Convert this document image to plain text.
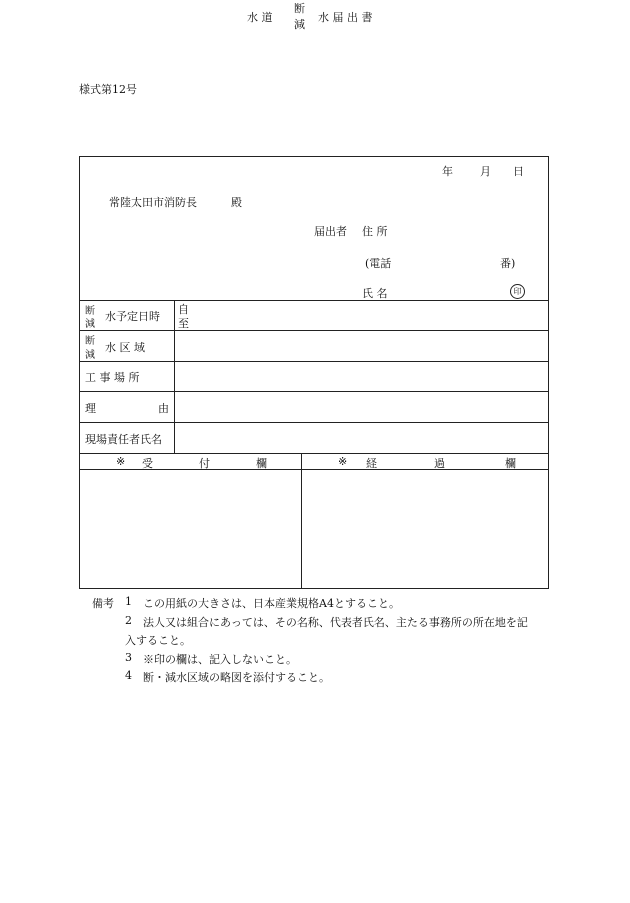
様式第12号
水 道
断
減
水 届 出 書
年 月 日
常陸太田市消防長	殿
届出者 住 所
(電話	番)
氏 名	印
断
減
水予定日時
自
至
断
減
水 区 域
工 事 場 所
理	由
現場責任者氏名
※ 受	付	欄	※ 経	過	欄
備考 1 この用紙の大きさは、日本産業規格A4とすること。
2 法人又は組合にあっては、その名称、代表者氏名、主たる事務所の所在地を記
入すること。
3 ※印の欄は、記入しないこと。
4 断・減水区域の略図を添付すること。
